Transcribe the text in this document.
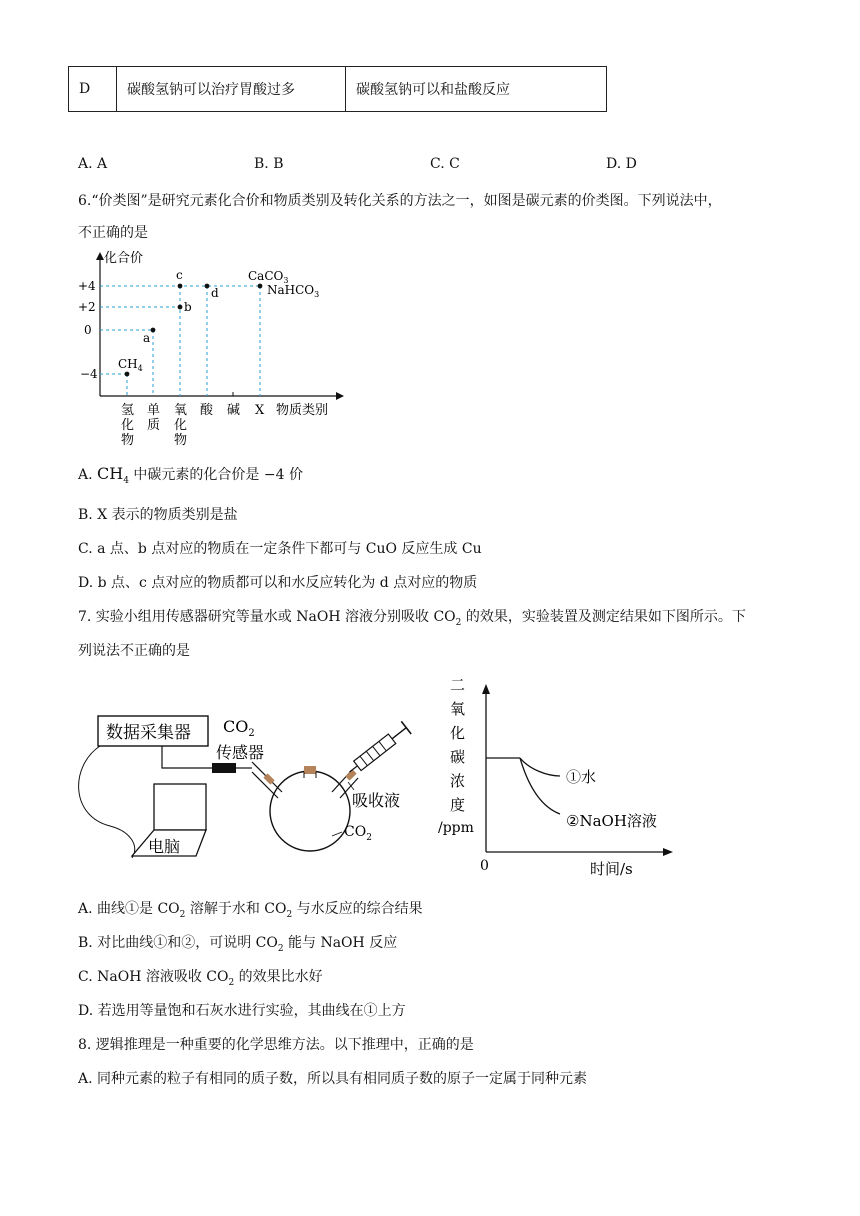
D	碳酸氢钠可以治疗胃酸过多	碳酸氢钠可以和盐酸反应
A. A	B. B	C. C	D. D
6.“价类图”是研究元素化合价和物质类别及转化关系的方法之一，如图是碳元素的价类图。下列说法中，
不正确的是
化合价
+4
+2
0
−4
$CH_4$
a
b
c
d
CaCO$_3$
NaHCO$_3$
氢
化
物
单
质
氧
化
物
酸 碱 X 物质类别
A. $CH_4$ 中碳元素的化合价是 −4 价
B. X 表示的物质类别是盐
C. a 点、b 点对应的物质在一定条件下都可与 CuO 反应生成 Cu
D. b 点、c 点对应的物质都可以和水反应转化为 d 点对应的物质
7. 实验小组用传感器研究等量水或 NaOH 溶液分别吸收 $CO_2$ 的效果，实验装置及测定结果如下图所示。下
列说法不正确的是
数据采集器 $CO_2$
传感器
电脑
吸收液
$CO_2$
二
氧
化
碳
浓
度
/ppm
0	时间/s
①水
②NaOH溶液
A. 曲线①是 $CO_2$ 溶解于水和 $CO_2$ 与水反应的综合结果
B. 对比曲线①和②，可说明 $CO_2$ 能与 NaOH 反应
C. NaOH 溶液吸收 $CO_2$ 的效果比水好
D. 若选用等量饱和石灰水进行实验，其曲线在①上方
8. 逻辑推理是一种重要的化学思维方法。以下推理中，正确的是
A. 同种元素的粒子有相同的质子数，所以具有相同质子数的原子一定属于同种元素
